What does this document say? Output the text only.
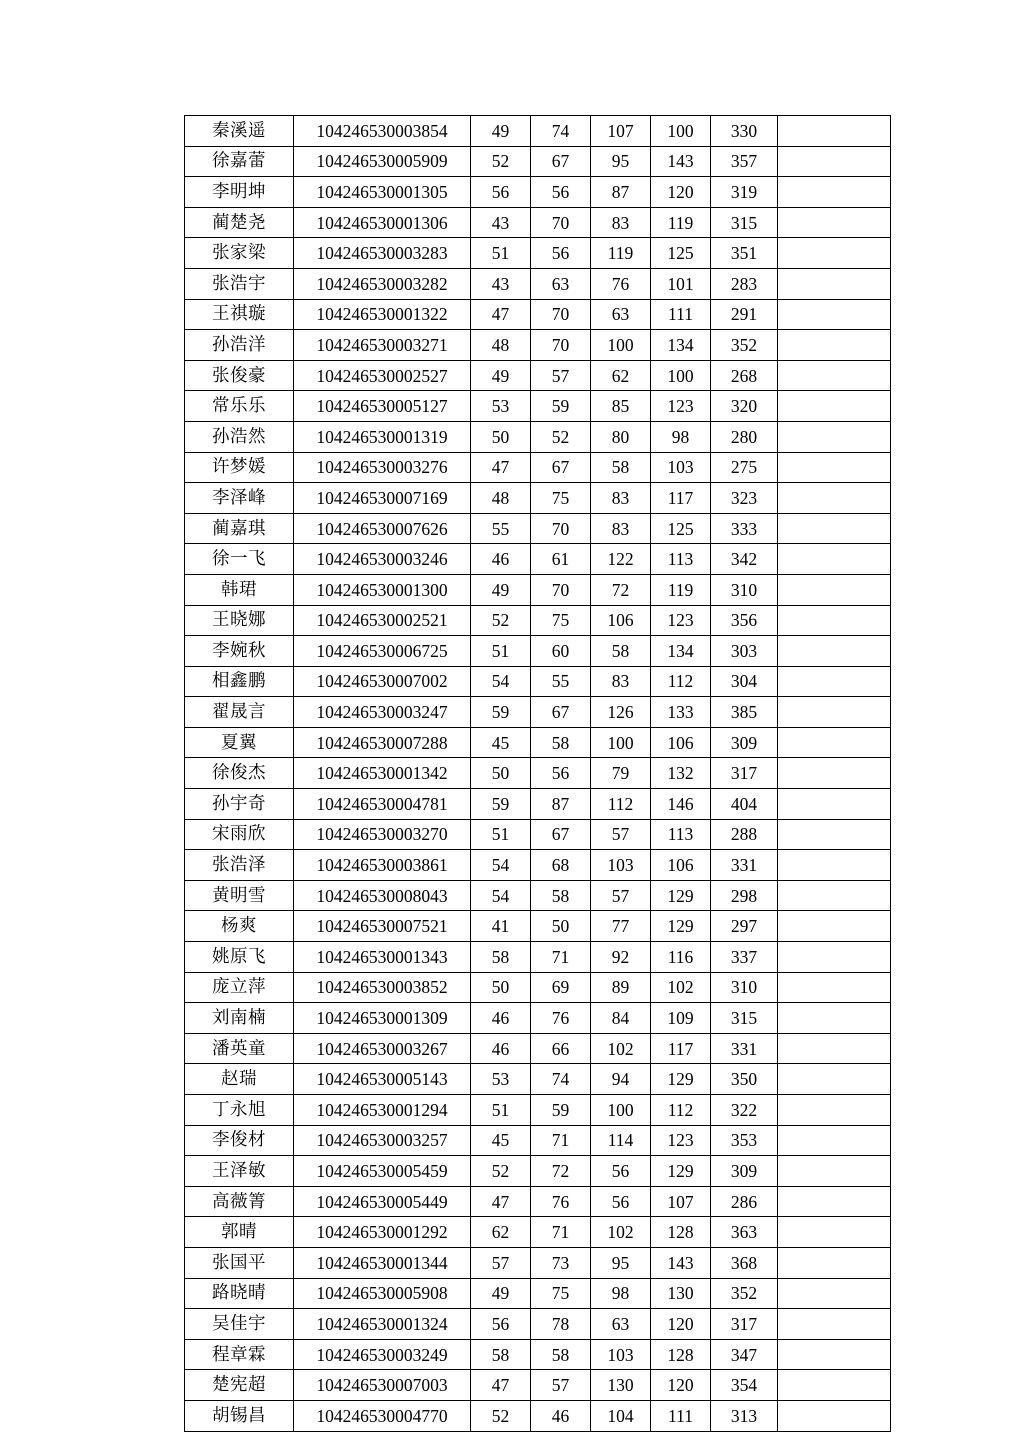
秦溪遥	104246530003854	49	74	107	100	330	
徐嘉蕾	104246530005909	52	67	95	143	357	
李明坤	104246530001305	56	56	87	120	319	
蔺楚尧	104246530001306	43	70	83	119	315	
张家梁	104246530003283	51	56	119	125	351	
张浩宇	104246530003282	43	63	76	101	283	
王祺璇	104246530001322	47	70	63	111	291	
孙浩洋	104246530003271	48	70	100	134	352	
张俊豪	104246530002527	49	57	62	100	268	
常乐乐	104246530005127	53	59	85	123	320	
孙浩然	104246530001319	50	52	80	98	280	
许梦媛	104246530003276	47	67	58	103	275	
李泽峰	104246530007169	48	75	83	117	323	
蔺嘉琪	104246530007626	55	70	83	125	333	
徐一飞	104246530003246	46	61	122	113	342	
韩珺	104246530001300	49	70	72	119	310	
王晓娜	104246530002521	52	75	106	123	356	
李婉秋	104246530006725	51	60	58	134	303	
相鑫鹏	104246530007002	54	55	83	112	304	
翟晟言	104246530003247	59	67	126	133	385	
夏翼	104246530007288	45	58	100	106	309	
徐俊杰	104246530001342	50	56	79	132	317	
孙宇奇	104246530004781	59	87	112	146	404	
宋雨欣	104246530003270	51	67	57	113	288	
张浩泽	104246530003861	54	68	103	106	331	
黄明雪	104246530008043	54	58	57	129	298	
杨爽	104246530007521	41	50	77	129	297	
姚原飞	104246530001343	58	71	92	116	337	
庞立萍	104246530003852	50	69	89	102	310	
刘南楠	104246530001309	46	76	84	109	315	
潘英童	104246530003267	46	66	102	117	331	
赵瑞	104246530005143	53	74	94	129	350	
丁永旭	104246530001294	51	59	100	112	322	
李俊材	104246530003257	45	71	114	123	353	
王泽敏	104246530005459	52	72	56	129	309	
高薇箐	104246530005449	47	76	56	107	286	
郭晴	104246530001292	62	71	102	128	363	
张国平	104246530001344	57	73	95	143	368	
路晓晴	104246530005908	49	75	98	130	352	
吴佳宇	104246530001324	56	78	63	120	317	
程章霖	104246530003249	58	58	103	128	347	
楚宪超	104246530007003	47	57	130	120	354	
胡锡昌	104246530004770	52	46	104	111	313	
